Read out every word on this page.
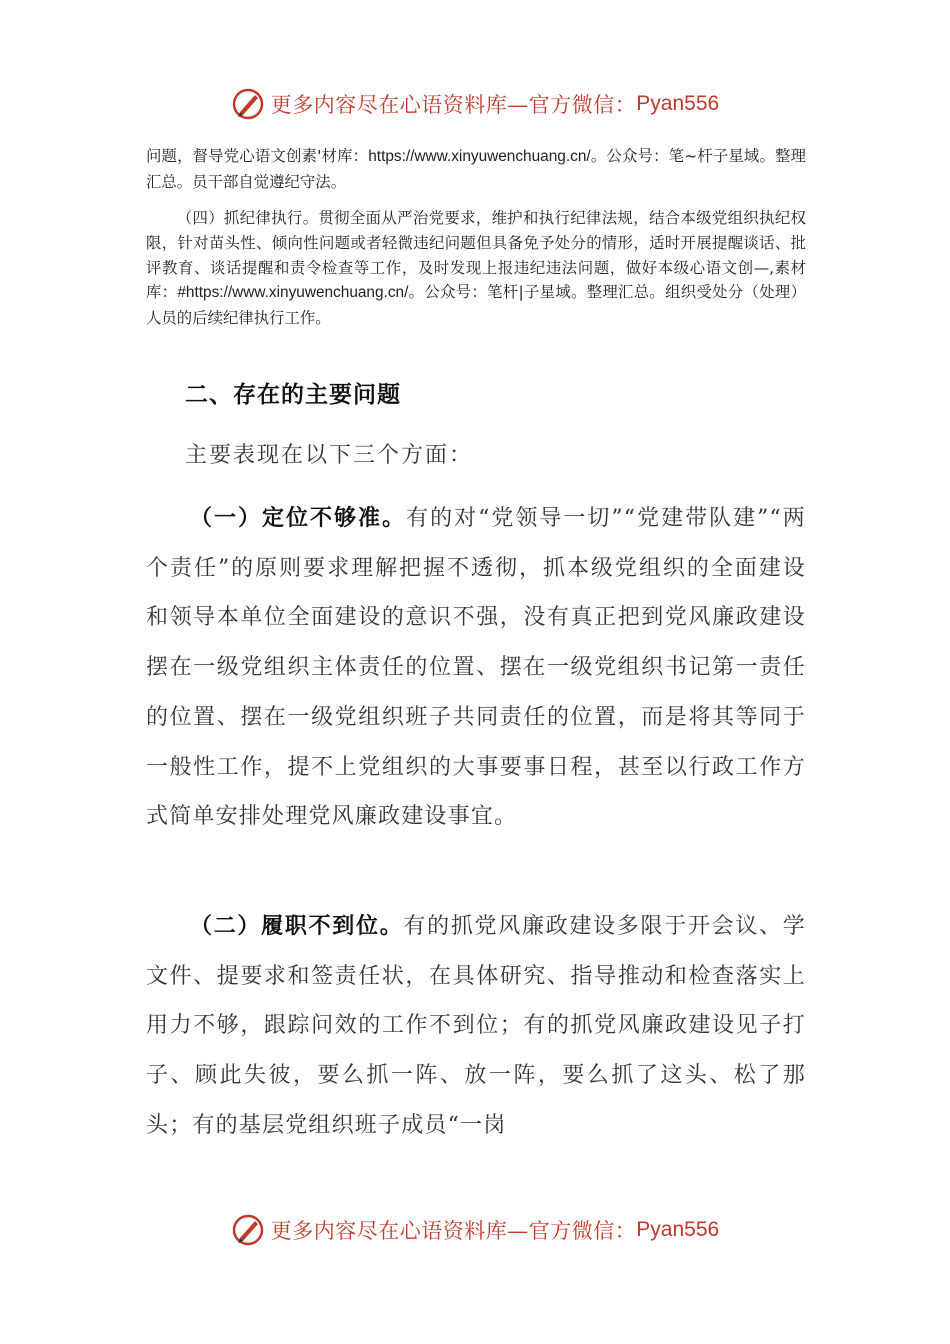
更多内容尽在心语资料库—官方微信： Pyan556

问题，督导党心语文创素'材库：https://www.xinyuwenchuang.cn/。公众号：笔~杆子星域。整理汇总。员干部自觉遵纪守法。

（四）抓纪律执行。贯彻全面从严治党要求，维护和执行纪律法规，结合本级党组织执纪权限，针对苗头性、倾向性问题或者轻微违纪问题但具备免予处分的情形，适时开展提醒谈话、批评教育、谈话提醒和责令检查等工作，及时发现上报违纪违法问题，做好本级心语文创—,素材库：#https://www.xinyuwenchuang.cn/。公众号：笔杆|子星域。整理汇总。组织受处分（处理）人员的后续纪律执行工作。

二、存在的主要问题

主要表现在以下三个方面：

（一）定位不够准。有的对“党领导一切”“党建带队建”“两个责任”的原则要求理解把握不透彻，抓本级党组织的全面建设和领导本单位全面建设的意识不强，没有真正把到党风廉政建设摆在一级党组织主体责任的位置、摆在一级党组织书记第一责任的位置、摆在一级党组织班子共同责任的位置，而是将其等同于一般性工作，提不上党组织的大事要事日程，甚至以行政工作方式简单安排处理党风廉政建设事宜。

（二）履职不到位。有的抓党风廉政建设多限于开会议、学文件、提要求和签责任状，在具体研究、指导推动和检查落实上用力不够，跟踪问效的工作不到位；有的抓党风廉政建设见子打子、顾此失彼，要么抓一阵、放一阵，要么抓了这头、松了那头；有的基层党组织班子成员“一岗

更多内容尽在心语资料库—官方微信： Pyan556
